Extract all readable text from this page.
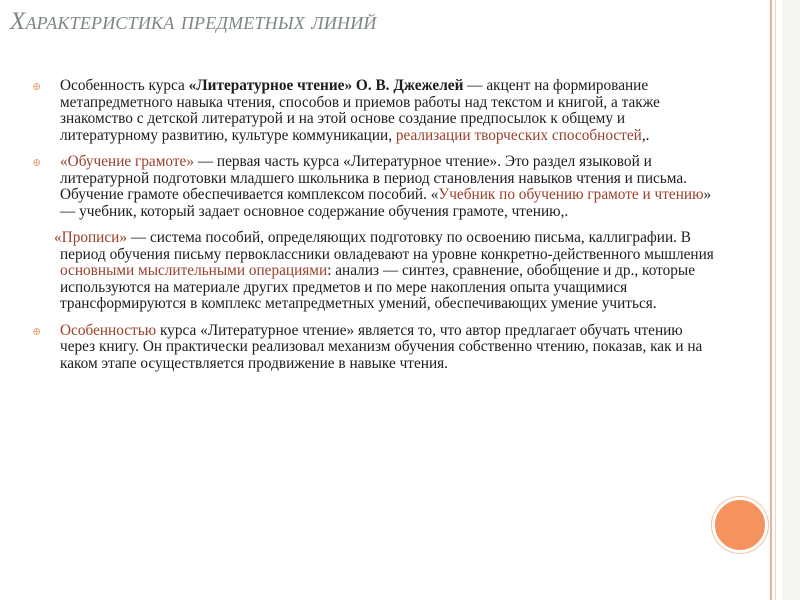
Характеристика предметных линий

⊕ Особенность курса «Литературное чтение» О. В. Джежелей — акцент на формирование метапредметного навыка чтения, способов и приемов работы над текстом и книгой, а также знакомство с детской литературой и на этой основе создание предпосылок к общему и литературному развитию, культуре коммуникации, реализации творческих способностей,.

⊕ «Обучение грамоте» — первая часть курса «Литературное чтение». Это раздел языковой и литературной подготовки младшего школьника в период становления навыков чтения и письма. Обучение грамоте обеспечивается комплексом пособий. «Учебник по обучению грамоте и чтению» — учебник, который задает основное содержание обучения грамоте, чтению,.

«Прописи» — система пособий, определяющих подготовку по освоению письма, каллиграфии. В период обучения письму первоклассники овладевают на уровне конкретно-действенного мышления основными мыслительными операциями: анализ — синтез, сравнение, обобщение и др., которые используются на материале других предметов и по мере накопления опыта учащимися трансформируются в комплекс метапредметных умений, обеспечивающих умение учиться.

⊕ Особенностью курса «Литературное чтение» является то, что автор предлагает обучать чтению через книгу. Он практически реализовал механизм обучения собственно чтению, показав, как и на каком этапе осуществляется продвижение в навыке чтения.
